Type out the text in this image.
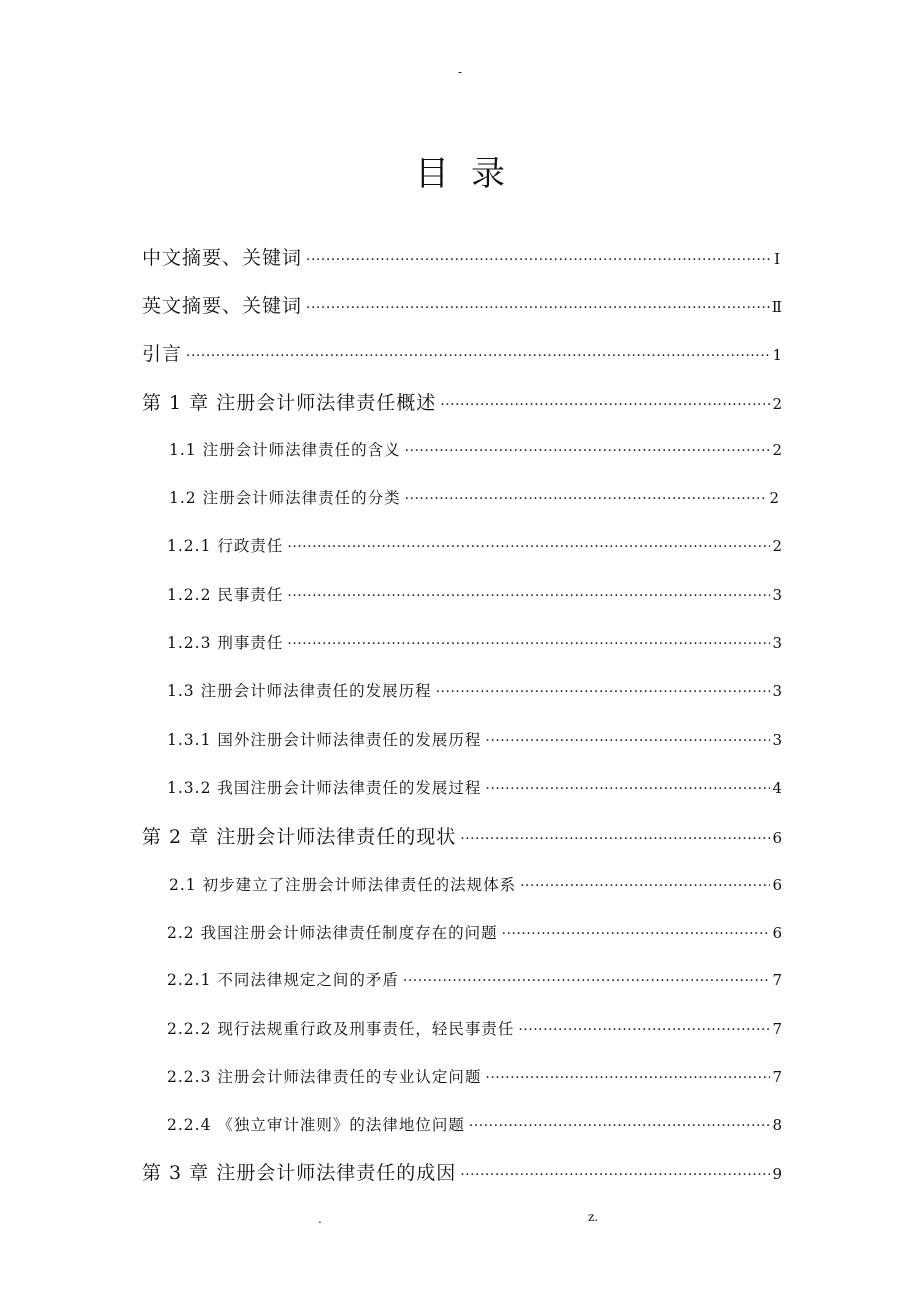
-
目录
中文摘要、关键词 ·····	Ⅰ
英文摘要、关键词 ·····	Ⅱ
引言 ·····	1
第 1 章 注册会计师法律责任概述 ·····	2
1.1 注册会计师法律责任的含义 ·····	2
1.2 注册会计师法律责任的分类 ·····	2
1.2.1 行政责任 ·····	2
1.2.2 民事责任 ·····	3
1.2.3 刑事责任 ·····	3
1.3 注册会计师法律责任的发展历程 ·····	3
1.3.1 国外注册会计师法律责任的发展历程 ·····	3
1.3.2 我国注册会计师法律责任的发展过程 ·····	4
第 2 章 注册会计师法律责任的现状 ·····	6
2.1 初步建立了注册会计师法律责任的法规体系 ·····	6
2.2 我国注册会计师法律责任制度存在的问题 ·····	6
2.2.1 不同法律规定之间的矛盾 ·····	7
2.2.2 现行法规重行政及刑事责任，轻民事责任 ·····	7
2.2.3 注册会计师法律责任的专业认定问题 ·····	7
2.2.4 《独立审计准则》的法律地位问题 ·····	8
第 3 章 注册会计师法律责任的成因 ·····	9
.	z.
